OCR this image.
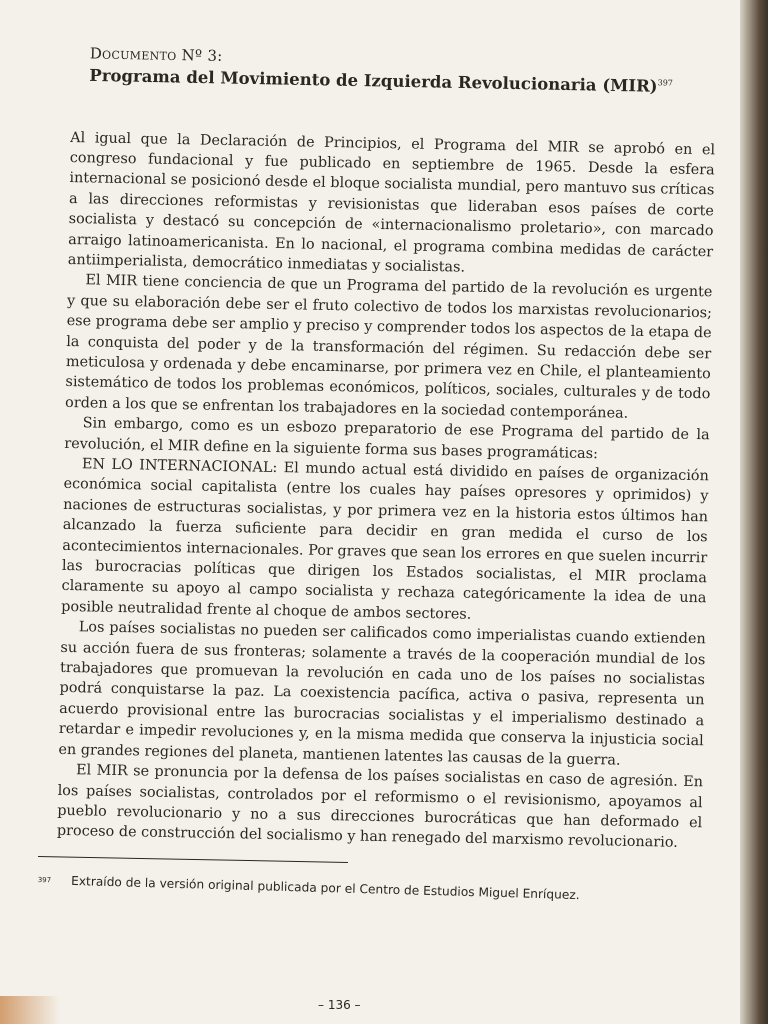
Documento Nº 3:
Programa del Movimiento de Izquierda Revolucionaria (MIR)$^{397}$

Al igual que la Declaración de Principios, el Programa del MIR se aprobó en el congreso fundacional y fue publicado en septiembre de 1965. Desde la esfera internacional se posicionó desde el bloque socialista mundial, pero mantuvo sus críticas a las direcciones reformistas y revisionistas que lideraban esos países de corte socialista y destacó su concepción de «internacionalismo proletario», con marcado arraigo latinoamericanista. En lo nacional, el programa combina medidas de carácter antiimperialista, democrático inmediatas y socialistas.

El MIR tiene conciencia de que un Programa del partido de la revolución es urgente y que su elaboración debe ser el fruto colectivo de todos los marxistas revolucionarios; ese programa debe ser amplio y preciso y comprender todos los aspectos de la etapa de la conquista del poder y de la transformación del régimen. Su redacción debe ser meticulosa y ordenada y debe encaminarse, por primera vez en Chile, el planteamiento sistemático de todos los problemas económicos, políticos, sociales, culturales y de todo orden a los que se enfrentan los trabajadores en la sociedad contemporánea.

Sin embargo, como es un esbozo preparatorio de ese Programa del partido de la revolución, el MIR define en la siguiente forma sus bases programáticas:

EN LO INTERNACIONAL: El mundo actual está dividido en países de organización económica social capitalista (entre los cuales hay países opresores y oprimidos) y naciones de estructuras socialistas, y por primera vez en la historia estos últimos han alcanzado la fuerza suficiente para decidir en gran medida el curso de los acontecimientos internacionales. Por graves que sean los errores en que suelen incurrir las burocracias políticas que dirigen los Estados socialistas, el MIR proclama claramente su apoyo al campo socialista y rechaza categóricamente la idea de una posible neutralidad frente al choque de ambos sectores.

Los países socialistas no pueden ser calificados como imperialistas cuando extienden su acción fuera de sus fronteras; solamente a través de la cooperación mundial de los trabajadores que promuevan la revolución en cada uno de los países no socialistas podrá conquistarse la paz. La coexistencia pacífica, activa o pasiva, representa un acuerdo provisional entre las burocracias socialistas y el imperialismo destinado a retardar e impedir revoluciones y, en la misma medida que conserva la injusticia social en grandes regiones del planeta, mantienen latentes las causas de la guerra.

El MIR se pronuncia por la defensa de los países socialistas en caso de agresión. En los países socialistas, controlados por el reformismo o el revisionismo, apoyamos al pueblo revolucionario y no a sus direcciones burocráticas que han deformado el proceso de construcción del socialismo y han renegado del marxismo revolucionario.

$^{397}$ Extraído de la versión original publicada por el Centro de Estudios Miguel Enríquez.
– 136 –
